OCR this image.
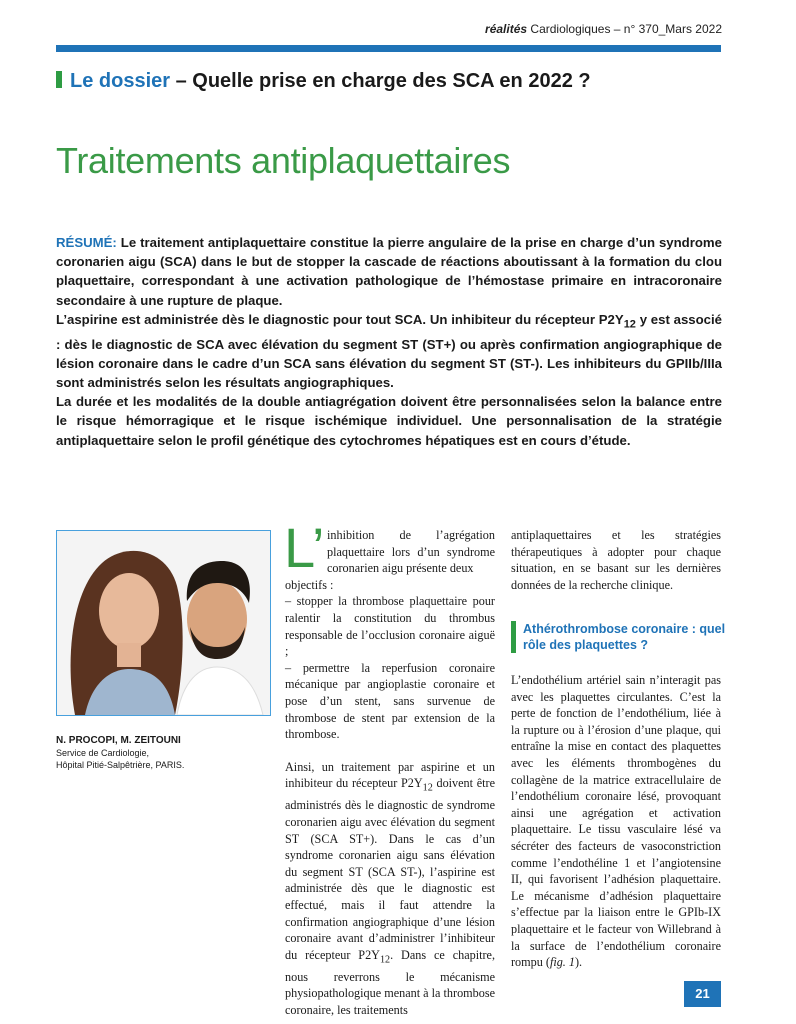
réalités Cardiologiques – n° 370_Mars 2022
Le dossier – Quelle prise en charge des SCA en 2022 ?
Traitements antiplaquettaires

RÉSUMÉ: Le traitement antiplaquettaire constitue la pierre angulaire de la prise en charge d’un syndrome coronarien aigu (SCA) dans le but de stopper la cascade de réactions aboutissant à la formation du clou plaquettaire, correspondant à une activation pathologique de l’hémostase primaire en intracoronaire secondaire à une rupture de plaque.

L’aspirine est administrée dès le diagnostic pour tout SCA. Un inhibiteur du récepteur $P2Y_{12}$ y est associé : dès le diagnostic de SCA avec élévation du segment ST (ST+) ou après confirmation angiographique de lésion coronaire dans le cadre d’un SCA sans élévation du segment ST (ST-). Les inhibiteurs du GPIIb/IIIa sont administrés selon les résultats angiographiques.

La durée et les modalités de la double antiagrégation doivent être personnalisées selon la balance entre le risque hémorragique et le risque ischémique individuel. Une personnalisation de la stratégie antiplaquettaire selon le profil génétique des cytochromes hépatiques est en cours d’étude.

N. PROCOPI, M. ZEITOUNI
Service de Cardiologie,
Hôpital Pitié-Salpêtrière, PARIS.
L’ inhibition de l’agrégation plaquettaire lors d’un syndrome coronarien aigu présente deux

objectifs :

– stopper la thrombose plaquettaire pour ralentir la constitution du thrombus responsable de l’occlusion coronaire aiguë ;

– permettre la reperfusion coronaire mécanique par angioplastie coronaire et pose d’un stent, sans survenue de thrombose de stent par extension de la thrombose.

Ainsi, un traitement par aspirine et un inhibiteur du récepteur $P2Y_{12}$ doivent être administrés dès le diagnostic de syndrome coronarien aigu avec élévation du segment ST (SCA ST+). Dans le cas d’un syndrome coronarien aigu sans élévation du segment ST (SCA ST-), l’aspirine est administrée dès que le diagnostic est effectué, mais il faut attendre la confirmation angiographique d’une lésion coronaire avant d’administrer l’inhibiteur du récepteur $P2Y_{12}$. Dans ce chapitre, nous reverrons le mécanisme physiopathologique menant à la thrombose coronaire, les traitements

antiplaquettaires et les stratégies thérapeutiques à adopter pour chaque situation, en se basant sur les dernières données de la recherche clinique.

Athérothrombose coronaire : quel rôle des plaquettes ?

L’endothélium artériel sain n’interagit pas avec les plaquettes circulantes. C’est la perte de fonction de l’endothélium, liée à la rupture ou à l’érosion d’une plaque, qui entraîne la mise en contact des plaquettes avec les éléments thrombogènes du collagène de la matrice extracellulaire de l’endothélium coronaire lésé, provoquant ainsi une agrégation et activation plaquettaire. Le tissu vasculaire lésé va sécréter des facteurs de vasoconstriction comme l’endothéline 1 et l’angiotensine II, qui favorisent l’adhésion plaquettaire. Le mécanisme d’adhésion plaquettaire s’effectue par la liaison entre le GPIb-IX plaquettaire et le facteur von Willebrand à la surface de l’endothélium coronaire rompu (fig. 1).

21
